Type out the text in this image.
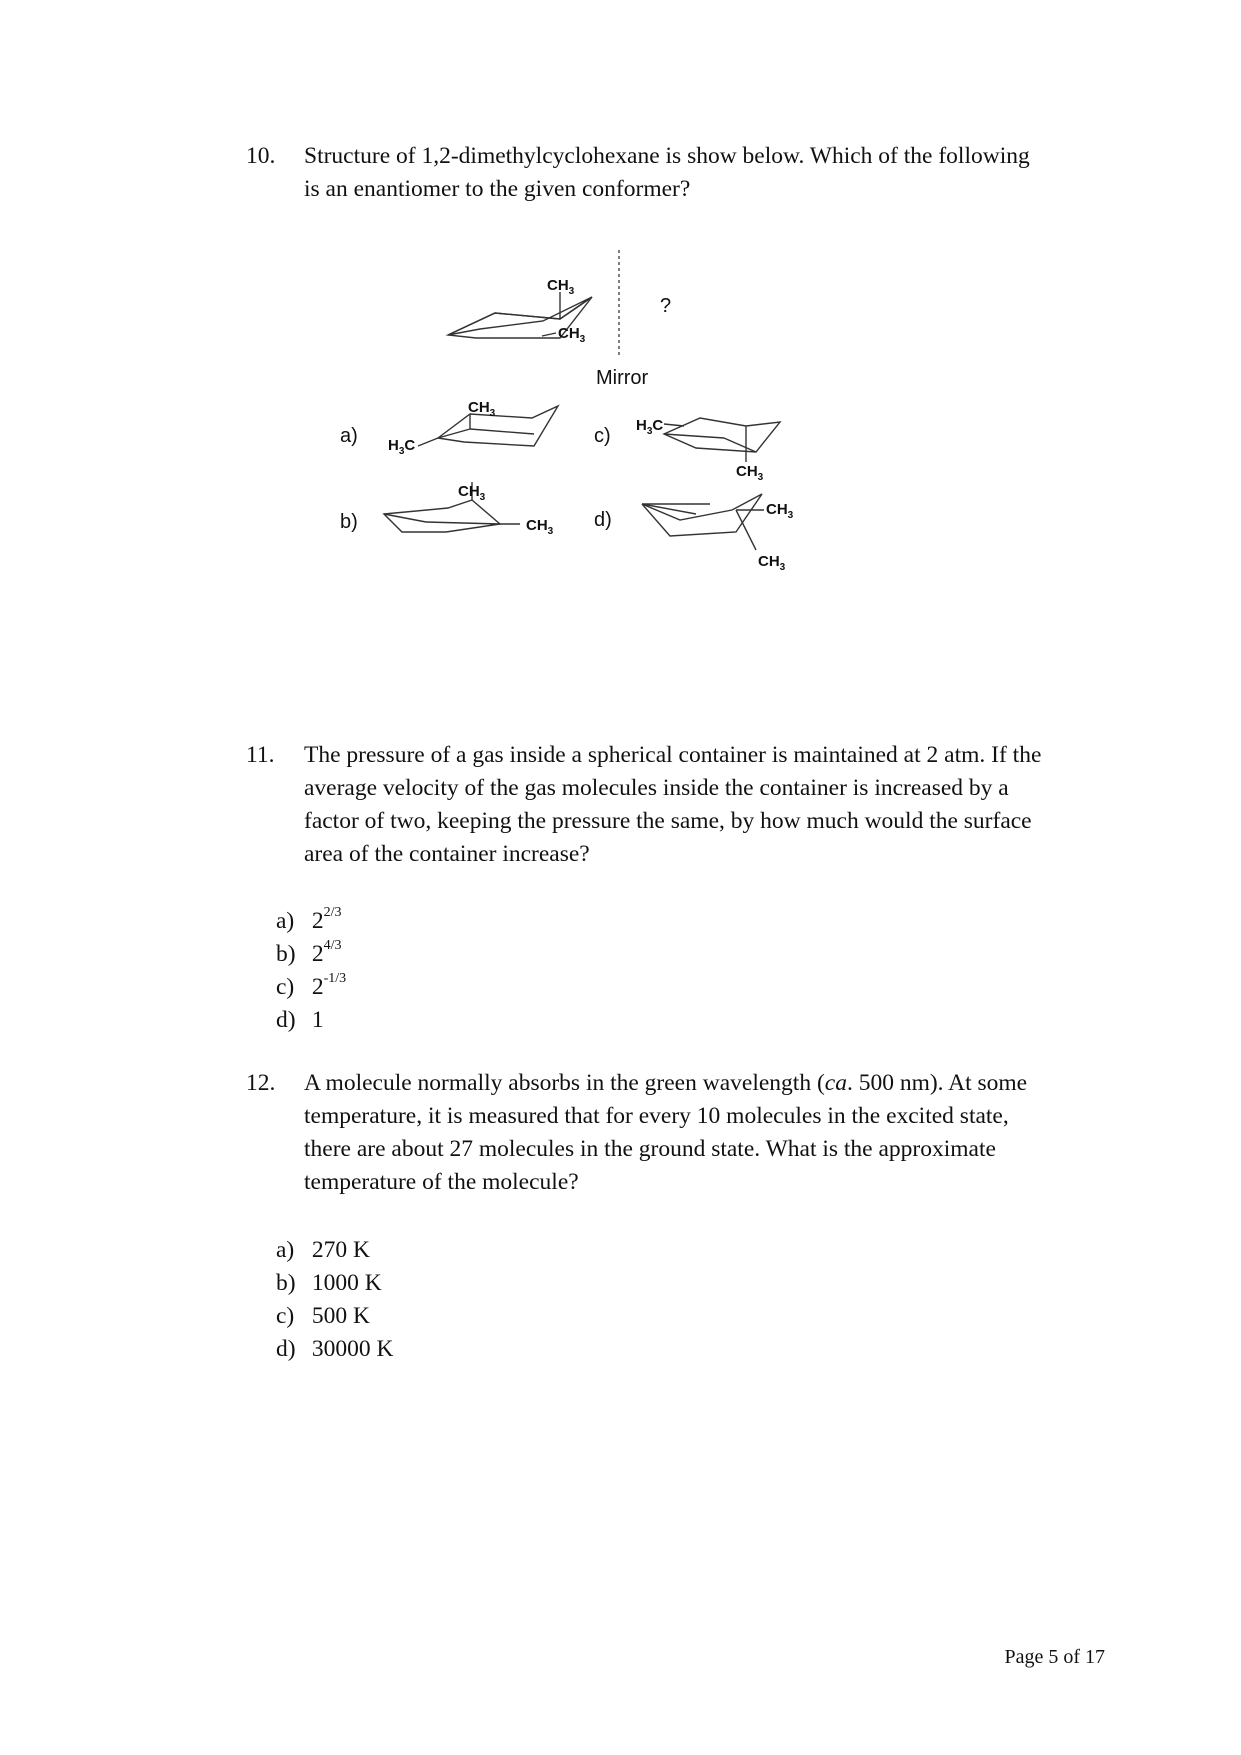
10. Structure of 1,2-dimethylcyclohexane is show below. Which of the following
is an enantiomer to the given conformer?
$CH_3$
$CH_3$
Mirror
?
a) $H_3C$
$CH_3$
b)
$CH_3$
$CH_3$
c) $H_3C$
$CH_3$
d)	$CH_3$
$CH_3$
11. The pressure of a gas inside a spherical container is maintained at 2 atm. If the
average velocity of the gas molecules inside the container is increased by a
factor of two, keeping the pressure the same, by how much would the surface
area of the container increase?
a) $2^{2/3}$
b) $2^{4/3}$
c) $2^{-1/3}$
d) 1
12. A molecule normally absorbs in the green wavelength (ca. 500 nm). At some
temperature, it is measured that for every 10 molecules in the excited state,
there are about 27 molecules in the ground state. What is the approximate
temperature of the molecule?
a) 270 K
b) 1000 K
c) 500 K
d) 30000 K
Page 5 of 17
